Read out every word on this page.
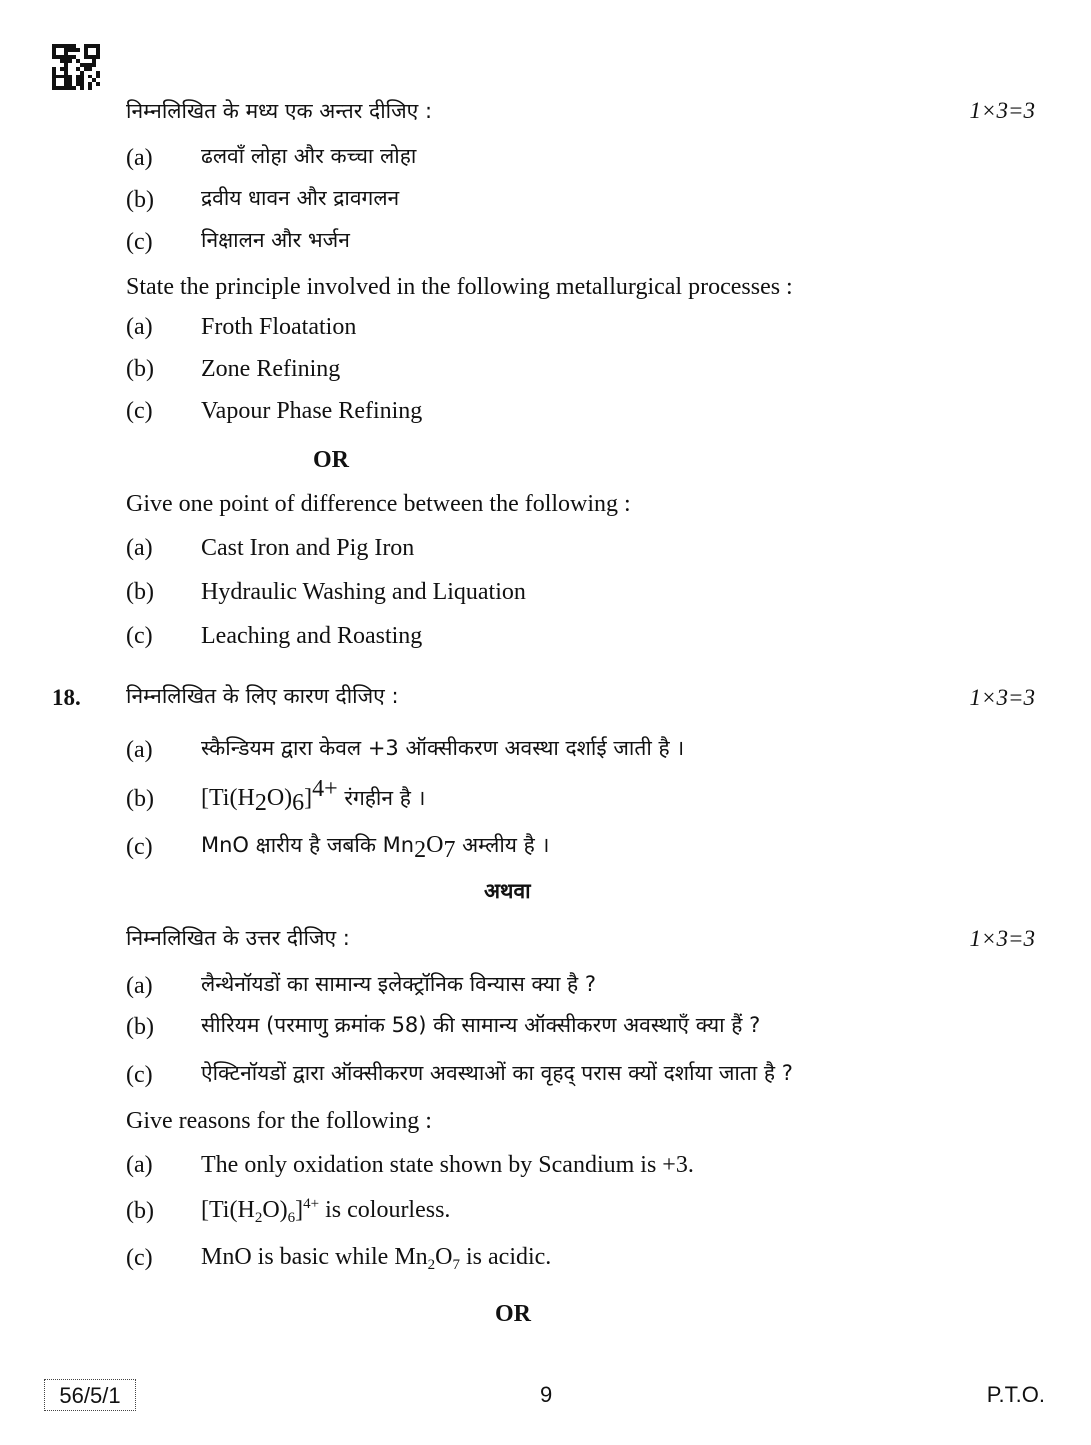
निम्नलिखित के मध्य एक अन्तर दीजिए :	1×3=3
(a) ढलवाँ लोहा और कच्चा लोहा
(b) द्रवीय धावन और द्रावगलन
(c) निक्षालन और भर्जन
State the principle involved in the following metallurgical processes :
(a) Froth Floatation
(b) Zone Refining
(c) Vapour Phase Refining
OR
Give one point of difference between the following :
(a) Cast Iron and Pig Iron
(b) Hydraulic Washing and Liquation
(c) Leaching and Roasting
18. निम्नलिखित के लिए कारण दीजिए :	1×3=3
(a) स्कैन्डियम द्वारा केवल +3 ऑक्सीकरण अवस्था दर्शाई जाती है ।
(b) $[Ti(H_2O)_6]^{4+}$ रंगहीन है ।
(c) MnO क्षारीय है जबकि $Mn_2O_7$ अम्लीय है ।
अथवा
निम्नलिखित के उत्तर दीजिए :	1×3=3
(a) लैन्थेनॉयडों का सामान्य इलेक्ट्रॉनिक विन्यास क्या है ?
(b) सीरियम (परमाणु क्रमांक 58) की सामान्य ऑक्सीकरण अवस्थाएँ क्या हैं ?
(c) ऐक्टिनॉयडों द्वारा ऑक्सीकरण अवस्थाओं का वृहद् परास क्यों दर्शाया जाता है ?
Give reasons for the following :
(a) The only oxidation state shown by Scandium is +3.
(b) $[Ti(H_2O)_6]^{4+}$ is colourless.
(c) MnO is basic while $Mn_2O_7$ is acidic.
OR
56/5/1	9	P.T.O.
